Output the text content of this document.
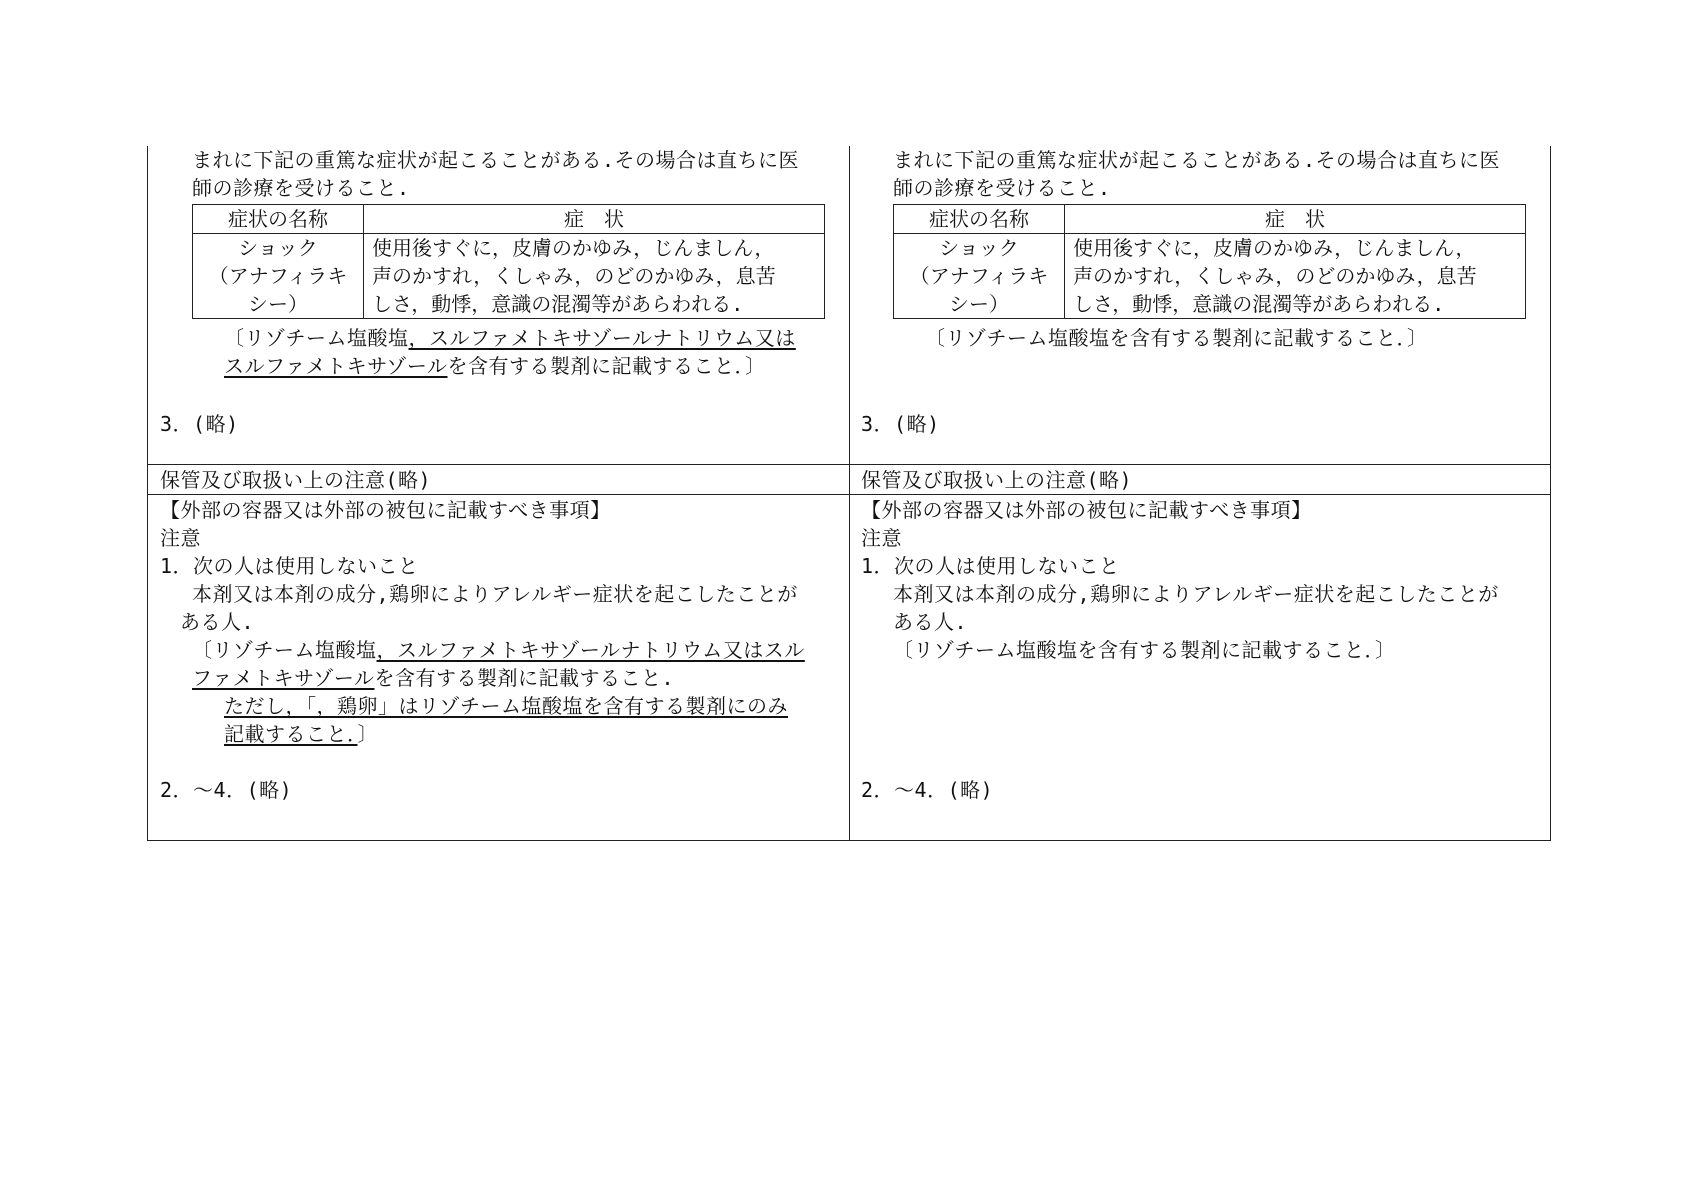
まれに下記の重篤な症状が起こることがある.その場合は直ちに医
師の診療を受けること.
症状の名称	症　状

ショック
（アナフィラキ
シー）	使用後すぐに，皮膚のかゆみ，じんましん，
声のかすれ，くしゃみ，のどのかゆみ，息苦
しさ，動悸，意識の混濁等があらわれる.
〔リゾチーム塩酸塩，スルファメトキサゾールナトリウム又は
スルファメトキサゾールを含有する製剤に記載すること．〕
3．(略)
保管及び取扱い上の注意(略)
【外部の容器又は外部の被包に記載すべき事項】
注意
1．次の人は使用しないこと
本剤又は本剤の成分,鶏卵によりアレルギー症状を起こしたことが
ある人.
〔リゾチーム塩酸塩，スルファメトキサゾールナトリウム又はスル
ファメトキサゾールを含有する製剤に記載すること.
ただし，「，鶏卵」はリゾチーム塩酸塩を含有する製剤にのみ
記載すること．〕
2．～4．(略)
まれに下記の重篤な症状が起こることがある.その場合は直ちに医
師の診療を受けること.
症状の名称	症　状

ショック
（アナフィラキ
シー）	使用後すぐに，皮膚のかゆみ，じんましん，
声のかすれ，くしゃみ，のどのかゆみ，息苦
しさ，動悸，意識の混濁等があらわれる.
〔リゾチーム塩酸塩を含有する製剤に記載すること．〕
3．(略)
保管及び取扱い上の注意(略)
【外部の容器又は外部の被包に記載すべき事項】
注意
1．次の人は使用しないこと
本剤又は本剤の成分,鶏卵によりアレルギー症状を起こしたことが
ある人.
〔リゾチーム塩酸塩を含有する製剤に記載すること．〕
2．～4．(略)
